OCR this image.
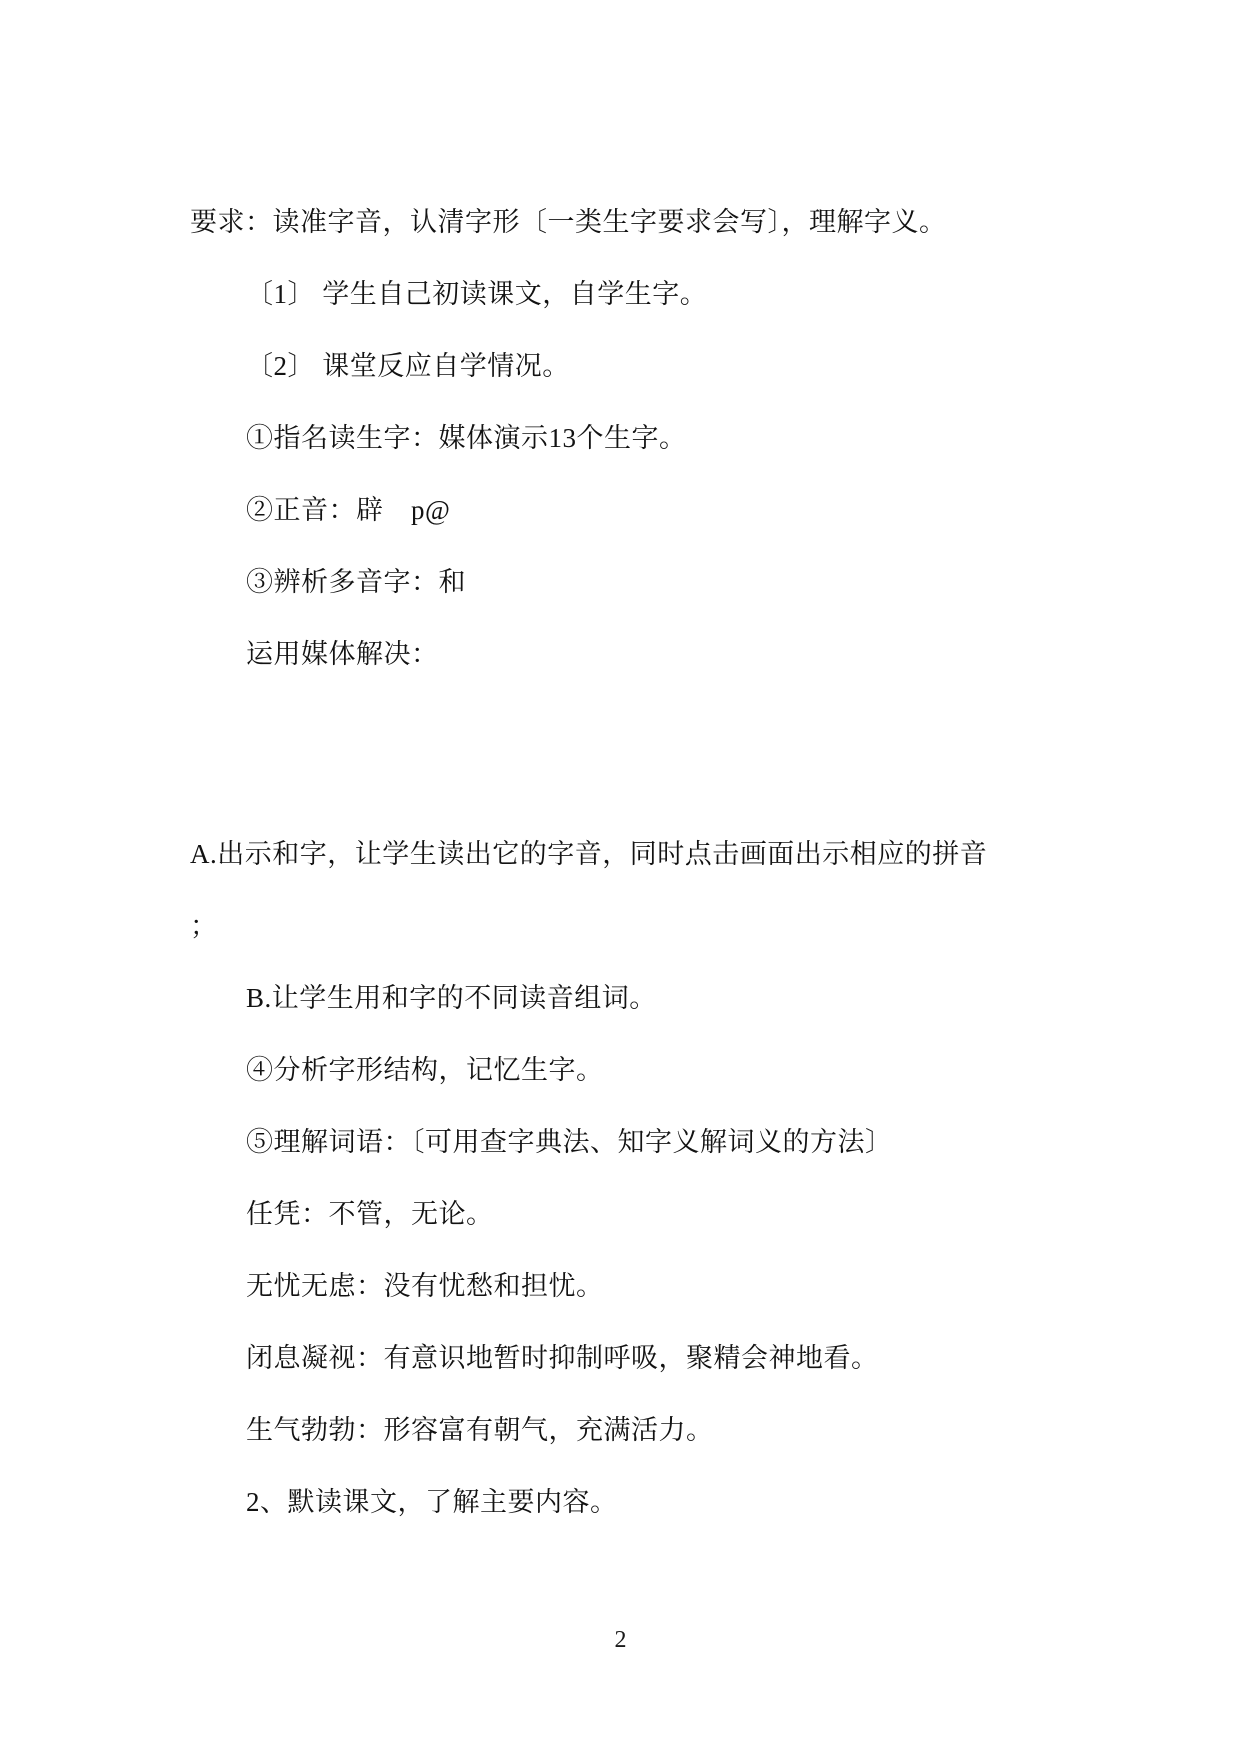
要求：读准字音，认清字形〔一类生字要求会写〕，理解字义。
〔1〕 学生自己初读课文，自学生字。
〔2〕 课堂反应自学情况。
①指名读生字：媒体演示13个生字。
②正音：辟　p@
③辨析多音字：和
运用媒体解决：
A.出示和字，让学生读出它的字音，同时点击画面出示相应的拼音
；
B.让学生用和字的不同读音组词。
④分析字形结构，记忆生字。
⑤理解词语：〔可用查字典法、知字义解词义的方法〕
任凭：不管，无论。
无忧无虑：没有忧愁和担忧。
闭息凝视：有意识地暂时抑制呼吸，聚精会神地看。
生气勃勃：形容富有朝气，充满活力。
2、默读课文，了解主要内容。
2
